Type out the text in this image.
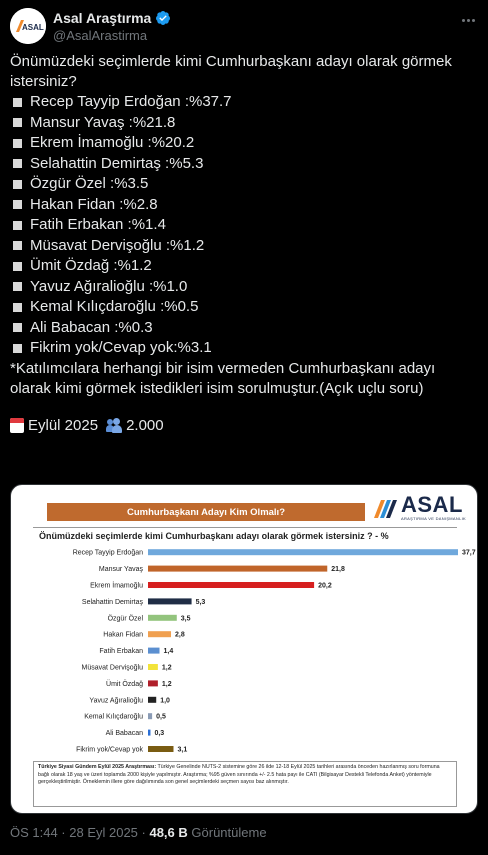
ASAL
Asal Araştırma
@AsalArastirma

Önümüzdeki seçimlerde kimi Cumhurbaşkanı adayı olarak görmek istersiniz?

Recep Tayyip Erdoğan :%37.7
Mansur Yavaş :%21.8
Ekrem İmamoğlu :%20.2
Selahattin Demirtaş :%5.3
Özgür Özel :%3.5
Hakan Fidan :%2.8
Fatih Erbakan :%1.4
Müsavat Dervişoğlu :%1.2
Ümit Özdağ :%1.2
Yavuz Ağıralioğlu :%1.0
Kemal Kılıçdaroğlu :%0.5
Ali Babacan :%0.3
Fikrim yok/Cevap yok:%3.1

*Katılımcılara herhangi bir isim vermeden Cumhurbaşkanı adayı olarak kimi görmek istedikleri isim sorulmuştur.(Açık uçlu soru)

Eylül 2025 2.000
Cumhurbaşkanı Adayı Kim Olmalı?	ASAL
ARAŞTIRMA VE DANIŞMANLIK
Önümüzdeki seçimlerde kimi Cumhurbaşkanı adayı olarak görmek istersiniz ? - %
Recep Tayyip Erdoğan	37,7
Mansur Yavaş	21,8
Ekrem İmamoğlu	20,2
Selahattin Demirtaş	5,3
Özgür Özel	3,5
Hakan Fidan	2,8
Fatih Erbakan	1,4
Müsavat Dervişoğlu	1,2
Ümit Özdağ	1,2
Yavuz Ağıralioğlu 1,0
Kemal Kılıçdaroğlu 0,5
Ali Babacan 0,3
Fikrim yok/Cevap yok	3,1
Türkiye Siyasi Gündem Eylül 2025 Araştırması: Türkiye Genelinde NUTS-2 sistemine göre 26 ilde 12-18 Eylül 2025 tarihleri arasında önceden hazırlanmış soru formuna bağlı olarak 18 yaş ve üzeri toplamda 2000 kişiyle yapılmıştır. Araştırma; %95 güven sınırında +/- 2.5 hata payı ile CATI (Bilgisayar Destekli Telefonda Anket) yöntemiyle gerçekleştirilmiştir. Örneklemin illere göre dağılımında son genel seçimlerdeki seçmen sayısı baz alınmıştır.
ÖS 1:44 · 28 Eyl 2025 · 48,6 B Görüntüleme
